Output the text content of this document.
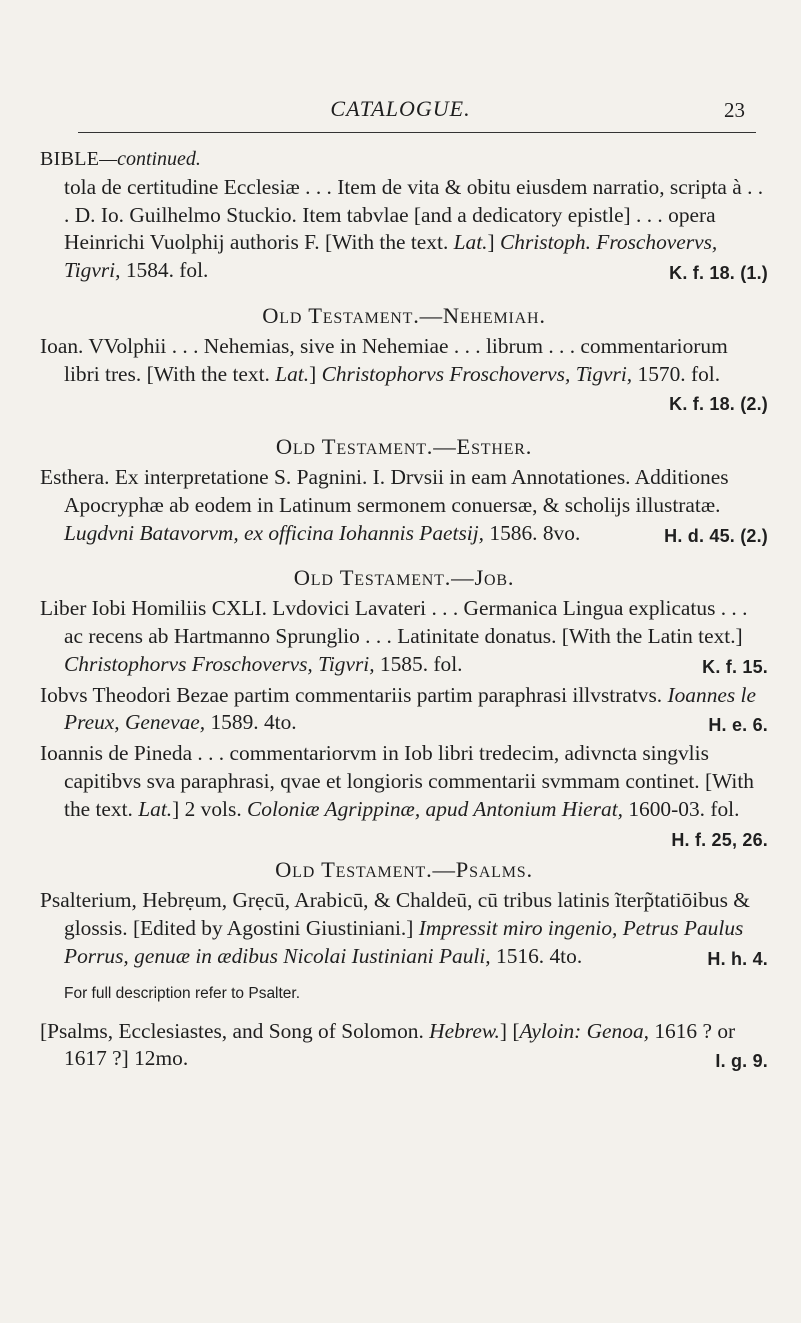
CATALOGUE.	23

BIBLE—continued.

tola de certitudine Ecclesiæ . . . Item de vita & obitu eiusdem narratio, scripta à . . . D. Io. Guilhelmo Stuckio. Item tabvlae [and a dedicatory epistle] . . . opera Heinrichi Vuolphij authoris F. [With the text. Lat.] Christoph. Froschovervs, Tigvri, 1584. fol.	K. f. 18. (1.)

Old Testament.—Nehemiah.

Ioan. VVolphii . . . Nehemias, sive in Nehemiae . . . librum . . . commentariorum libri tres. [With the text. Lat.] Christophorvs Froschovervs, Tigvri, 1570. fol.
K. f. 18. (2.)

Old Testament.—Esther.

Esthera. Ex interpretatione S. Pagnini. I. Drvsii in eam Annotationes. Additiones Apocryphæ ab eodem in Latinum sermonem conuersæ, & scholijs illustratæ. Lugdvni Batavorvm, ex officina Iohannis Paetsij, 1586. 8vo.	H. d. 45. (2.)

Old Testament.—Job.

Liber Iobi Homiliis CXLI. Lvdovici Lavateri . . . Germanica Lingua explicatus . . . ac recens ab Hartmanno Sprunglio . . . Latinitate donatus. [With the Latin text.] Christophorvs Froschovervs, Tigvri, 1585. fol.	K. f. 15.

Iobvs Theodori Bezae partim commentariis partim paraphrasi illvstratvs. Ioannes le Preux, Genevae, 1589. 4to.	H. e. 6.

Ioannis de Pineda . . . commentariorvm in Iob libri tredecim, adivncta singvlis capitibvs sva paraphrasi, qvae et longioris commentarii svmmam continet. [With the text. Lat.] 2 vols. Coloniæ Agrippinæ, apud Antonium Hierat, 1600-03. fol.
H. f. 25, 26.

Old Testament.—Psalms.

Psalterium, Hebrẹum, Grẹcū, Arabicū, & Chaldeū, cū tribus latinis ĩterp̃tatiōibus & glossis. [Edited by Agostini Giustiniani.] Impressit miro ingenio, Petrus Paulus Porrus, genuæ in ædibus Nicolai Iustiniani Pauli, 1516. 4to.	H. h. 4.

For full description refer to Psalter.

[Psalms, Ecclesiastes, and Song of Solomon. Hebrew.] [Ayloin: Genoa, 1616 ? or 1617 ?] 12mo.	I. g. 9.
